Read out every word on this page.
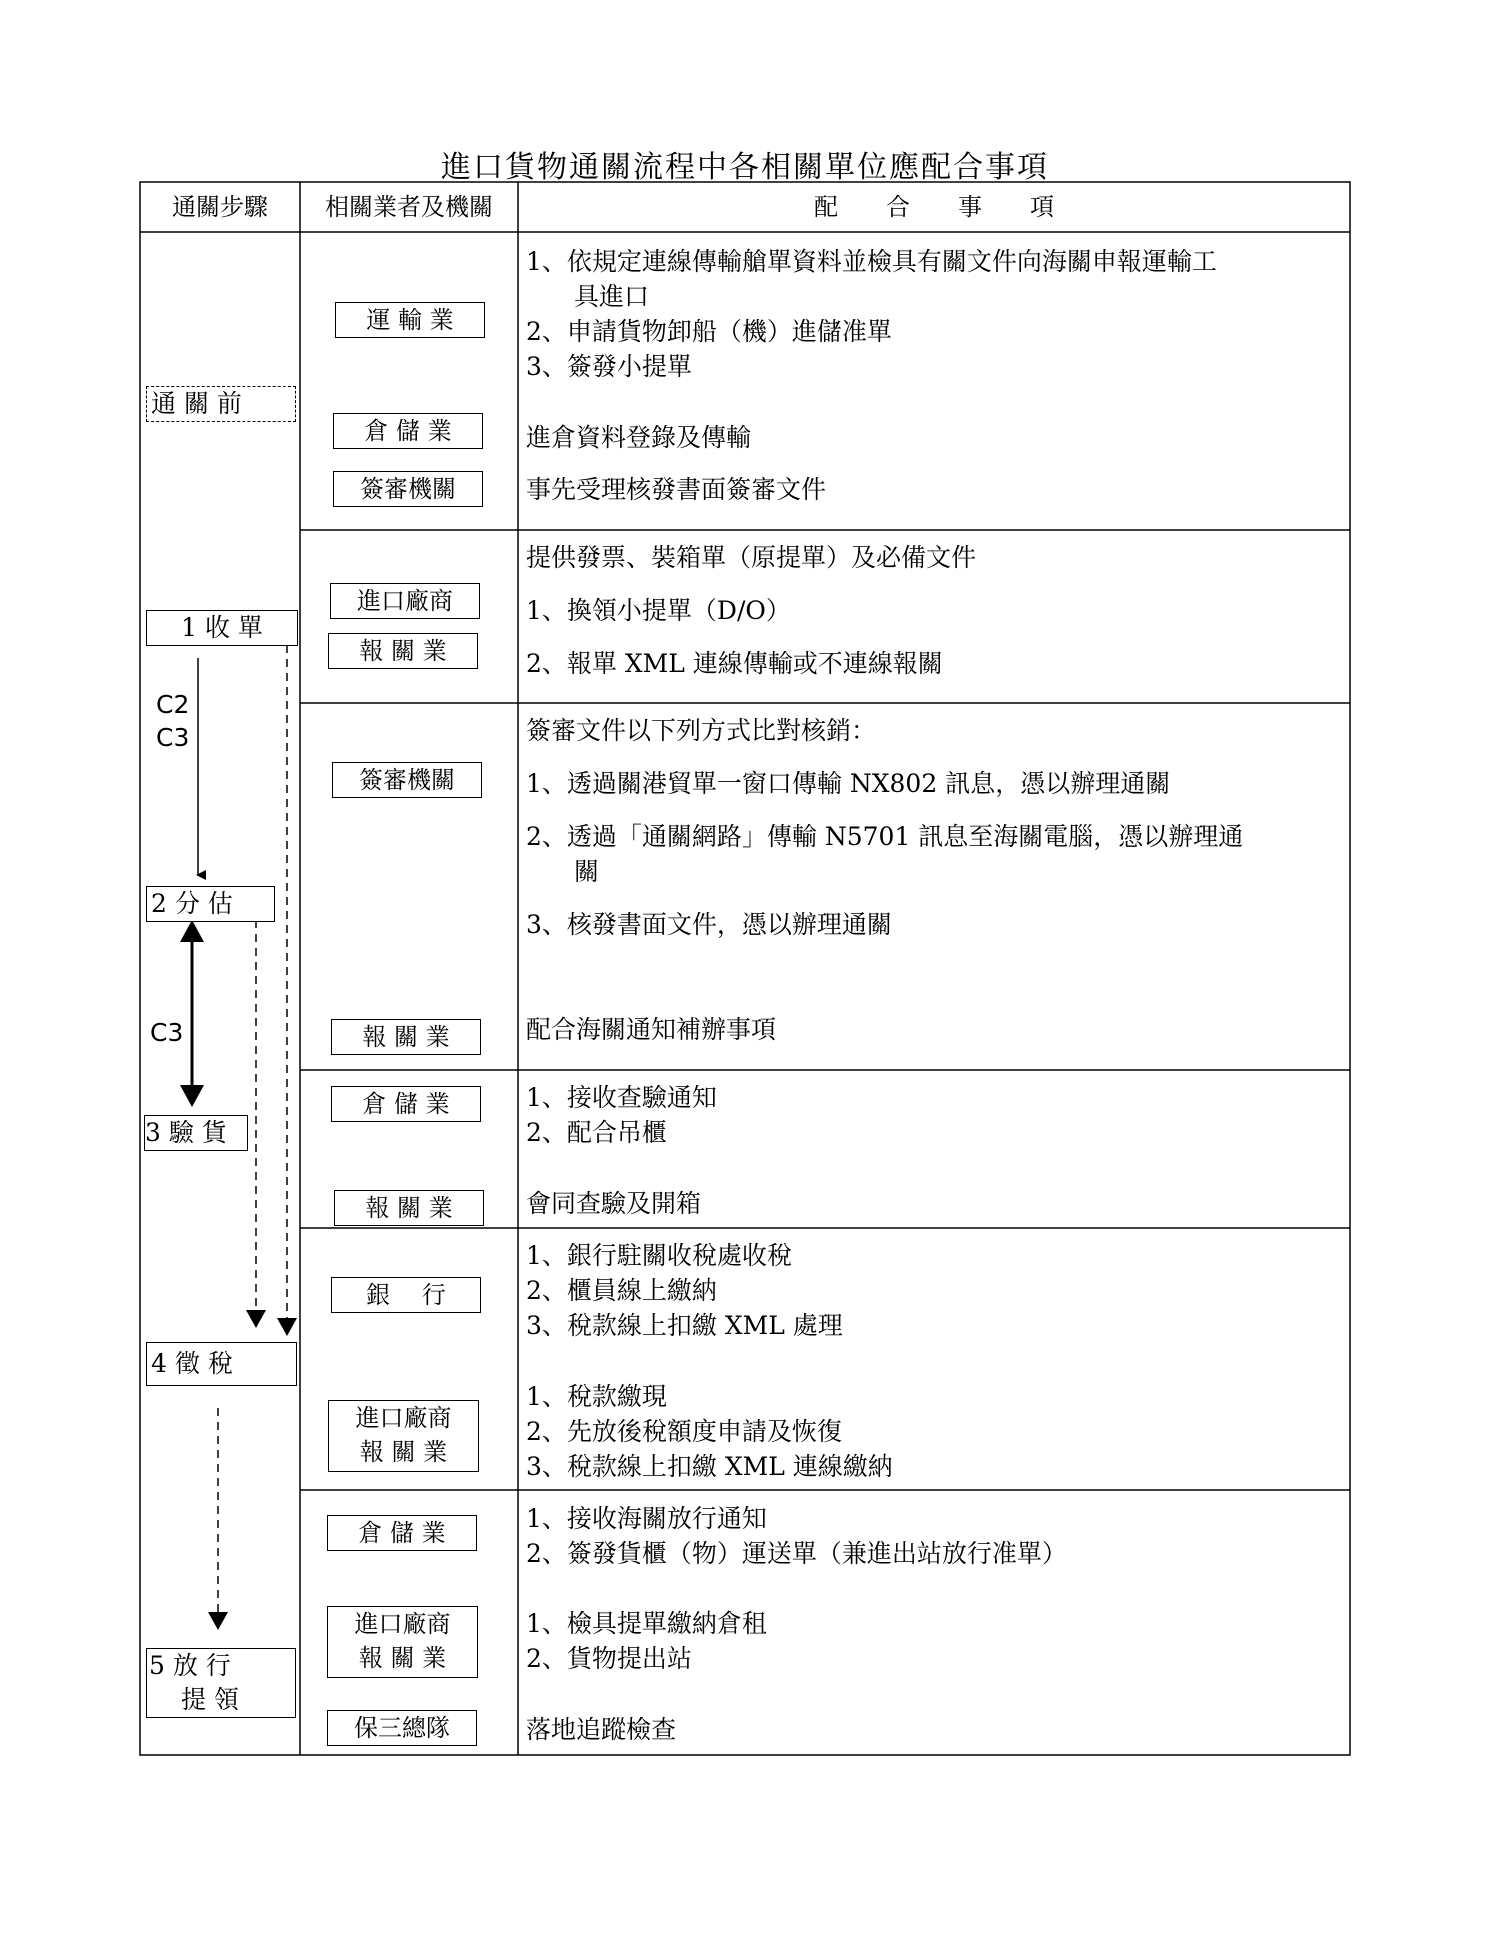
進口貨物通關流程中各相關單位應配合事項
通關步驟	相關業者及機關	配　　合　　事　　項
通 關 前
1 收 單
2 分 估
3 驗 貨
4 徵 稅
5 放 行
提 領
C2
C3
C3
運 輸 業
倉 儲 業
簽審機關
進口廠商
報 關 業
簽審機關
報 關 業
倉 儲 業
報 關 業
銀　 行
進口廠商
報 關 業
倉 儲 業
進口廠商
報 關 業
保三總隊
1、依規定連線傳輸艙單資料並檢具有關文件向海關申報運輸工
具進口
2、申請貨物卸船（機）進儲准單
3、簽發小提單
進倉資料登錄及傳輸
事先受理核發書面簽審文件
提供發票、裝箱單（原提單）及必備文件
1、換領小提單（D/O）
2、報單 XML 連線傳輸或不連線報關
簽審文件以下列方式比對核銷：
1、透過關港貿單一窗口傳輸 NX802 訊息，憑以辦理通關
2、透過「通關網路」傳輸 N5701 訊息至海關電腦，憑以辦理通
關
3、核發書面文件，憑以辦理通關
配合海關通知補辦事項
1、接收查驗通知
2、配合吊櫃
會同查驗及開箱
1、銀行駐關收稅處收稅
2、櫃員線上繳納
3、稅款線上扣繳 XML 處理
1、稅款繳現
2、先放後稅額度申請及恢復
3、稅款線上扣繳 XML 連線繳納
1、接收海關放行通知
2、簽發貨櫃（物）運送單（兼進出站放行准單）
1、檢具提單繳納倉租
2、貨物提出站
落地追蹤檢查
